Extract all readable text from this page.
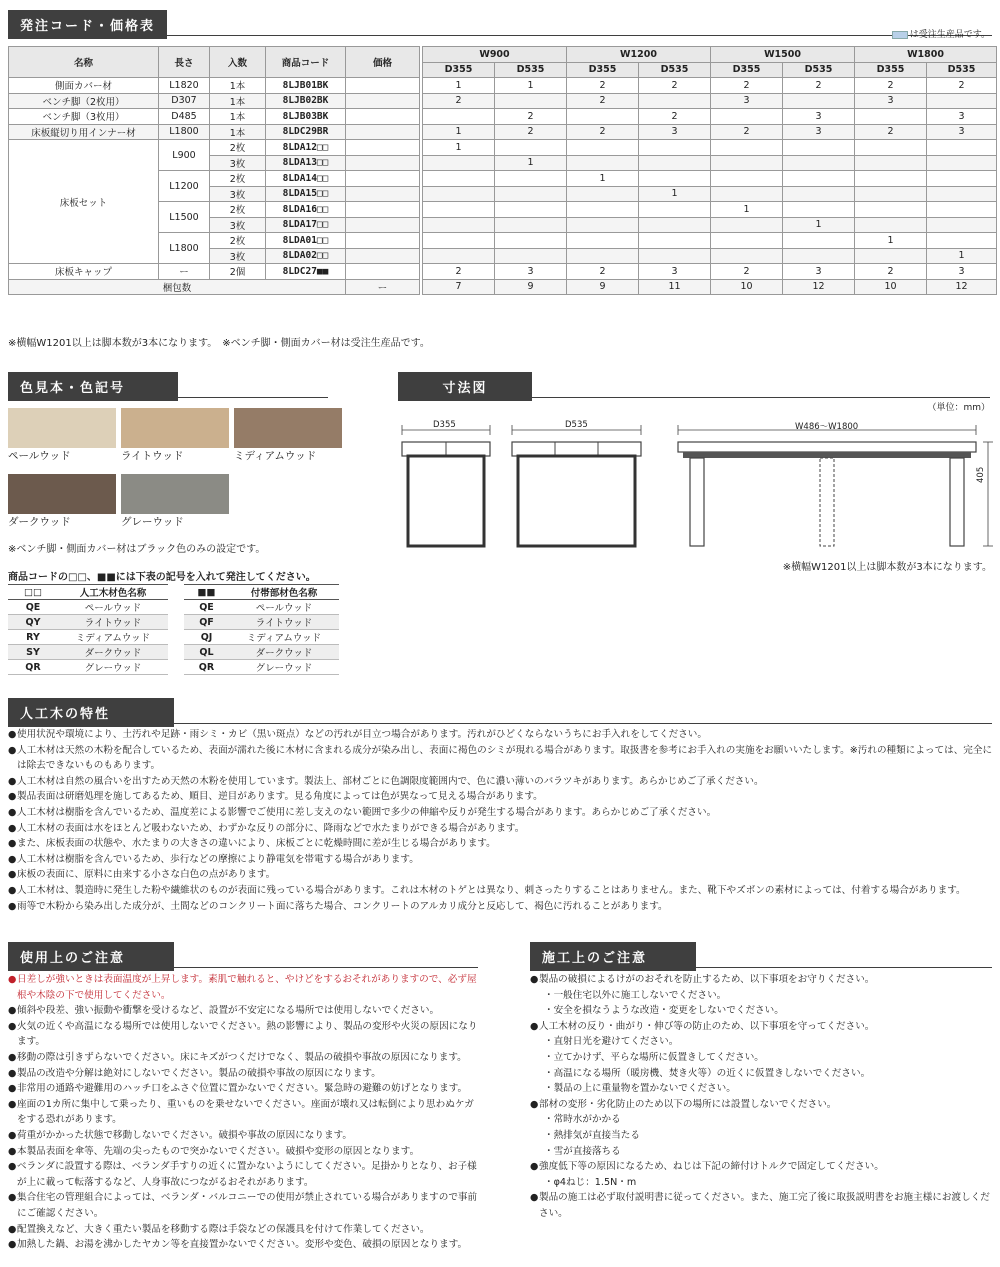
発注コード・価格表
は受注生産品です。
名称	長さ	入数	商品コード	価格		W900		W1200		W1500		W1800	
						D355	D535	D355	D535	D355	D535	D355	D535
側面カバー材	L1820	1本	8LJB01BK			1	1	2	2	2	2	2	2
ベンチ脚（2枚用）	D307	1本	8LJB02BK			2		2		3		3	
ベンチ脚（3枚用）	D485	1本	8LJB03BK				2		2		3		3
床板縦切り用インナー材	L1800	1本	8LDC29BR			1	2	2	3	2	3	2	3
床板セット	L900	2枚	8LDA12□□			1							
		3枚	8LDA13□□				1						
	L1200	2枚	8LDA14□□					1					
		3枚	8LDA15□□						1				
	L1500	2枚	8LDA16□□							1			
		3枚	8LDA17□□								1		
	L1800	2枚	8LDA01□□									1	
		3枚	8LDA02□□										1
床板キャップ	ー	2個	8LDC27■■			2	3	2	3	2	3	2	3
梱包数				ー		7	9	9	11	10	12	10	12
※横幅W1201以上は脚本数が3本になります。　※ベンチ脚・側面カバー材は受注生産品です。
色見本・色記号
ペールウッド	ライトウッド	ミディアムウッド
ダークウッド	グレーウッド
※ベンチ脚・側面カバー材はブラック色のみの設定です。
商品コードの□□、■■には下表の記号を入れて発注してください。
□□	人工木材色名称
QE	ペールウッド
QY	ライトウッド
RY	ミディアムウッド
SY	ダークウッド
QR	グレーウッド
■■	付帯部材色名称
QE	ペールウッド
QF	ライトウッド
QJ	ミディアムウッド
QL	ダークウッド
QR	グレーウッド
寸法図
（単位：mm）
D355	D535	W486〜W1800
405
※横幅W1201以上は脚本数が3本になります。
人工木の特性
●使用状況や環境により、土汚れや足跡・雨シミ・カビ（黒い斑点）などの汚れが目立つ場合があります。汚れがひどくならないうちにお手入れをしてください。
●人工木材は天然の木粉を配合しているため、表面が濡れた後に木材に含まれる成分が染み出し、表面に褐色のシミが現れる場合があります。取扱書を参考にお手入れの実施をお願いいたします。※汚れの種類によっては、完全には除去できないものもあります。
●人工木材は自然の風合いを出すため天然の木粉を使用しています。製法上、部材ごとに色調限度範囲内で、色に濃い薄いのバラツキがあります。あらかじめご了承ください。
●製品表面は研磨処理を施してあるため、順目、逆目があります。見る角度によっては色が異なって見える場合があります。
●人工木材は樹脂を含んでいるため、温度差による影響でご使用に差し支えのない範囲で多少の伸縮や反りが発生する場合があります。あらかじめご了承ください。
●人工木材の表面は水をほとんど吸わないため、わずかな反りの部分に、降雨などで水たまりができる場合があります。
●また、床板表面の状態や、水たまりの大きさの違いにより、床板ごとに乾燥時間に差が生じる場合があります。
●人工木材は樹脂を含んでいるため、歩行などの摩擦により静電気を帯電する場合があります。
●床板の表面に、原料に由来する小さな白色の点があります。
●人工木材は、製造時に発生した粉や繊維状のものが表面に残っている場合があります。これは木材のトゲとは異なり、刺さったりすることはありません。また、靴下やズボンの素材によっては、付着する場合があります。
●雨等で木粉から染み出した成分が、土間などのコンクリート面に落ちた場合、コンクリートのアルカリ成分と反応して、褐色に汚れることがあります。
使用上のご注意
●日差しが強いときは表面温度が上昇します。素肌で触れると、やけどをするおそれがありますので、必ず屋根や木陰の下で使用してください。
●傾斜や段差、強い振動や衝撃を受けるなど、設置が不安定になる場所では使用しないでください。
●火気の近くや高温になる場所では使用しないでください。熱の影響により、製品の変形や火災の原因になります。
●移動の際は引きずらないでください。床にキズがつくだけでなく、製品の破損や事故の原因になります。
●製品の改造や分解は絶対にしないでください。製品の破損や事故の原因になります。
●非常用の通路や避難用のハッチ口をふさぐ位置に置かないでください。緊急時の避難の妨げとなります。
●座面の1カ所に集中して乗ったり、重いものを乗せないでください。座面が壊れ又は転倒により思わぬケガをする恐れがあります。
●荷重がかかった状態で移動しないでください。破損や事故の原因になります。
●本製品表面を傘等、先端の尖ったもので突かないでください。破損や変形の原因となります。
●ベランダに設置する際は、ベランダ手すりの近くに置かないようにしてください。足掛かりとなり、お子様が上に載って転落するなど、人身事故につながるおそれがあります。
●集合住宅の管理組合によっては、ベランダ・バルコニーでの使用が禁止されている場合がありますので事前にご確認ください。
●配置換えなど、大きく重たい製品を移動する際は手袋などの保護具を付けて作業してください。
●加熱した鍋、お湯を沸かしたヤカン等を直接置かないでください。変形や変色、破損の原因となります。
施工上のご注意
●製品の破損によるけがのおそれを防止するため、以下事項をお守りください。
・一般住宅以外に施工しないでください。
・安全を損なうような改造・変更をしないでください。
●人工木材の反り・曲がり・伸び等の防止のため、以下事項を守ってください。
・直射日光を避けてください。
・立てかけず、平らな場所に仮置きしてください。
・高温になる場所（暖房機、焚き火等）の近くに仮置きしないでください。
・製品の上に重量物を置かないでください。
●部材の変形・劣化防止のため以下の場所には設置しないでください。
・常時水がかかる
・熱排気が直接当たる
・雪が直接落ちる
●強度低下等の原因になるため、ねじは下記の締付けトルクで固定してください。
・φ4ねじ：1.5N・m
●製品の施工は必ず取付説明書に従ってください。また、施工完了後に取扱説明書をお施主様にお渡しください。
